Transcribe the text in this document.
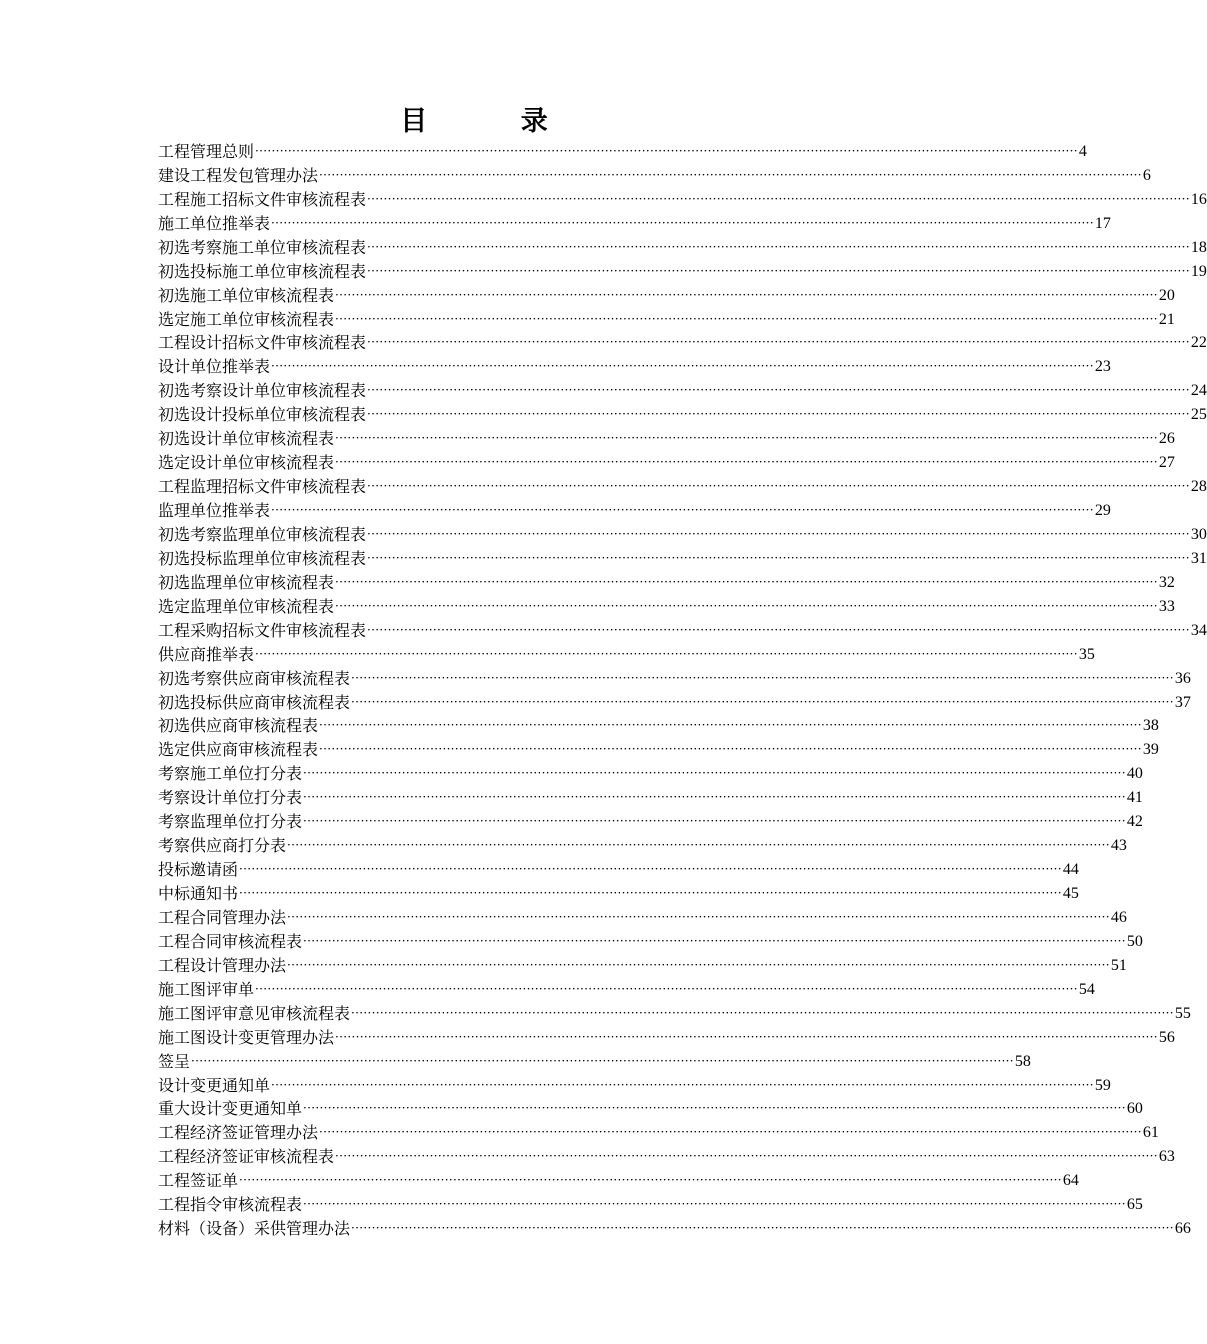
目 录
工程管理总则 ········································································································································································································ 4
建设工程发包管理办法 ········································································································································································································ 6
工程施工招标文件审核流程表 ········································································································································································································ 16
施工单位推举表 ········································································································································································································ 17
初选考察施工单位审核流程表 ········································································································································································································ 18
初选投标施工单位审核流程表 ········································································································································································································ 19
初选施工单位审核流程表 ········································································································································································································ 20
选定施工单位审核流程表 ········································································································································································································ 21
工程设计招标文件审核流程表 ········································································································································································································ 22
设计单位推举表 ········································································································································································································ 23
初选考察设计单位审核流程表 ········································································································································································································ 24
初选设计投标单位审核流程表 ········································································································································································································ 25
初选设计单位审核流程表 ········································································································································································································ 26
选定设计单位审核流程表 ········································································································································································································ 27
工程监理招标文件审核流程表 ········································································································································································································ 28
监理单位推举表 ········································································································································································································ 29
初选考察监理单位审核流程表 ········································································································································································································ 30
初选投标监理单位审核流程表 ········································································································································································································ 31
初选监理单位审核流程表 ········································································································································································································ 32
选定监理单位审核流程表 ········································································································································································································ 33
工程采购招标文件审核流程表 ········································································································································································································ 34
供应商推举表 ········································································································································································································ 35
初选考察供应商审核流程表 ········································································································································································································ 36
初选投标供应商审核流程表 ········································································································································································································ 37
初选供应商审核流程表 ········································································································································································································ 38
选定供应商审核流程表 ········································································································································································································ 39
考察施工单位打分表 ········································································································································································································ 40
考察设计单位打分表 ········································································································································································································ 41
考察监理单位打分表 ········································································································································································································ 42
考察供应商打分表 ········································································································································································································ 43
投标邀请函 ········································································································································································································ 44
中标通知书 ········································································································································································································ 45
工程合同管理办法 ········································································································································································································ 46
工程合同审核流程表 ········································································································································································································ 50
工程设计管理办法 ········································································································································································································ 51
施工图评审单 ········································································································································································································ 54
施工图评审意见审核流程表 ········································································································································································································ 55
施工图设计变更管理办法 ········································································································································································································ 56
签呈 ········································································································································································································ 58
设计变更通知单 ········································································································································································································ 59
重大设计变更通知单 ········································································································································································································ 60
工程经济签证管理办法 ········································································································································································································ 61
工程经济签证审核流程表 ········································································································································································································ 63
工程签证单 ········································································································································································································ 64
工程指令审核流程表 ········································································································································································································ 65
材料（设备）采供管理办法 ········································································································································································································ 66
